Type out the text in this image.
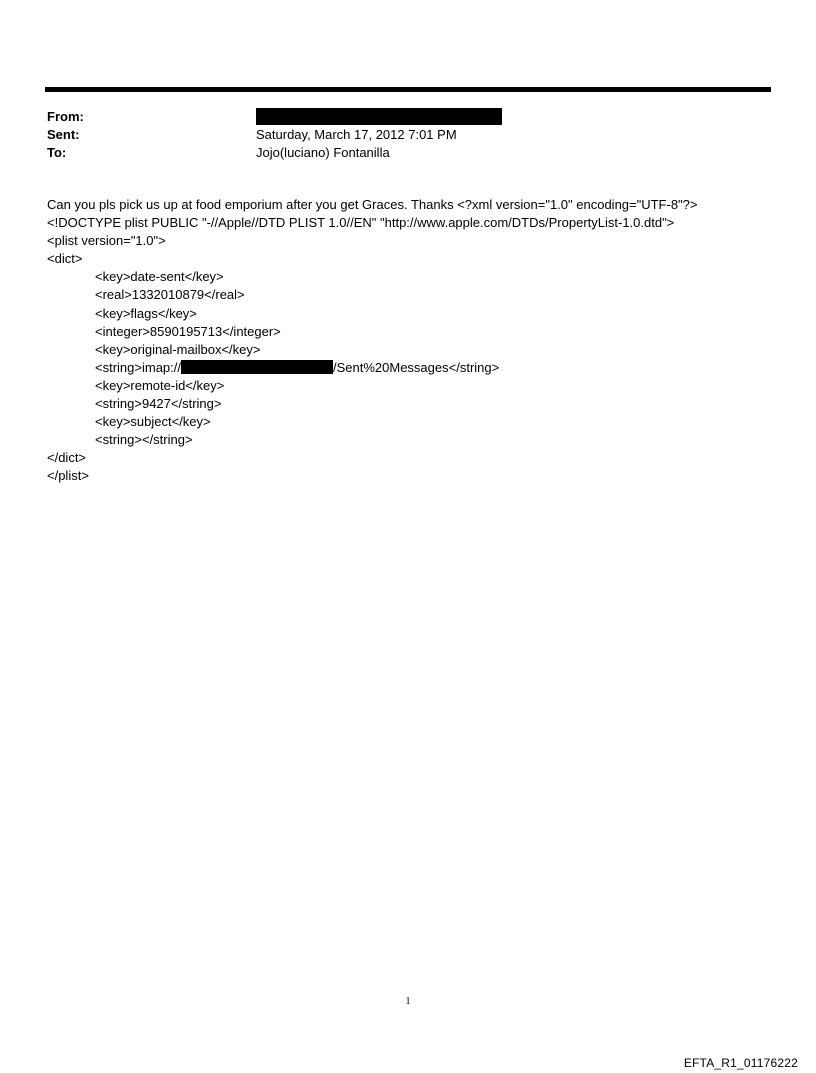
From:
Sent:	Saturday, March 17, 2012 7:01 PM
To:	Jojo(luciano) Fontanilla
Can you pls pick us up at food emporium after you get Graces. Thanks <?xml version="1.0" encoding="UTF-8"?>
<!DOCTYPE plist PUBLIC "-//Apple//DTD PLIST 1.0//EN" "http://www.apple.com/DTDs/PropertyList-1.0.dtd">
<plist version="1.0">
<dict>
<key>date-sent</key>
<real>1332010879</real>
<key>flags</key>
<integer>8590195713</integer>
<key>original-mailbox</key>
<string>imap://	/Sent%20Messages</string>
<key>remote-id</key>
<string>9427</string>
<key>subject</key>
<string></string>
</dict>
</plist>
1
EFTA_R1_01176222
